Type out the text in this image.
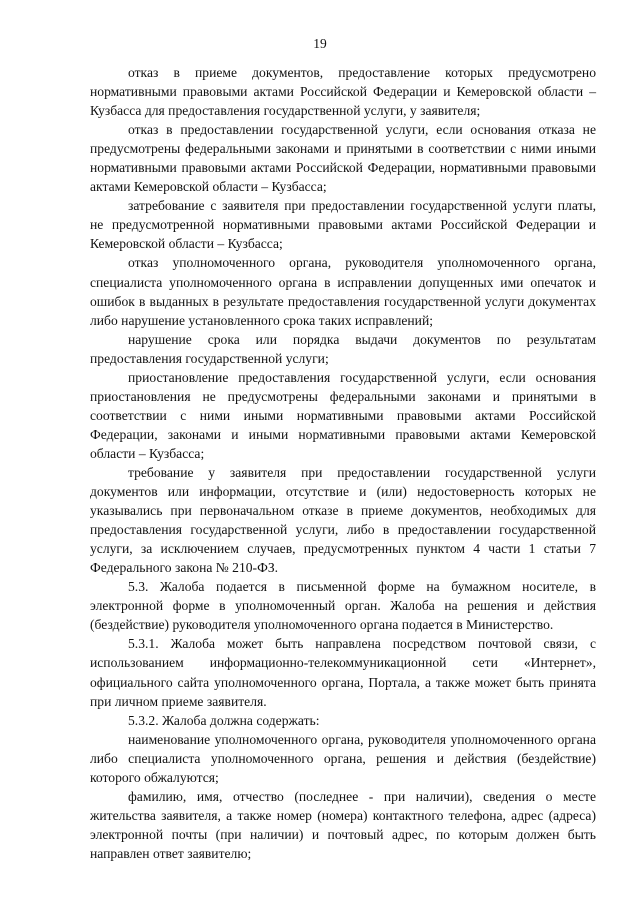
19

отказ в приеме документов, предоставление которых предусмотрено нормативными правовыми актами Российской Федерации и Кемеровской области – Кузбасса для предоставления государственной услуги, у заявителя;

отказ в предоставлении государственной услуги, если основания отказа не предусмотрены федеральными законами и принятыми в соответствии с ними иными нормативными правовыми актами Российской Федерации, нормативными правовыми актами Кемеровской области – Кузбасса;

затребование с заявителя при предоставлении государственной услуги платы, не предусмотренной нормативными правовыми актами Российской Федерации и Кемеровской области – Кузбасса;

отказ уполномоченного органа, руководителя уполномоченного органа, специалиста уполномоченного органа в исправлении допущенных ими опечаток и ошибок в выданных в результате предоставления государственной услуги документах либо нарушение установленного срока таких исправлений;

нарушение срока или порядка выдачи документов по результатам предоставления государственной услуги;

приостановление предоставления государственной услуги, если основания приостановления не предусмотрены федеральными законами и принятыми в соответствии с ними иными нормативными правовыми актами Российской Федерации, законами и иными нормативными правовыми актами Кемеровской области – Кузбасса;

требование у заявителя при предоставлении государственной услуги документов или информации, отсутствие и (или) недостоверность которых не указывались при первоначальном отказе в приеме документов, необходимых для предоставления государственной услуги, либо в предоставлении государственной услуги, за исключением случаев, предусмотренных пунктом 4 части 1 статьи 7 Федерального закона № 210-ФЗ.

5.3. Жалоба подается в письменной форме на бумажном носителе, в электронной форме в уполномоченный орган. Жалоба на решения и действия (бездействие) руководителя уполномоченного органа подается в Министерство.

5.3.1. Жалоба может быть направлена посредством почтовой связи, с использованием информационно-телекоммуникационной сети «Интернет», официального сайта уполномоченного органа, Портала, а также может быть принята при личном приеме заявителя.

5.3.2. Жалоба должна содержать:

наименование уполномоченного органа, руководителя уполномоченного органа либо специалиста уполномоченного органа, решения и действия (бездействие) которого обжалуются;

фамилию, имя, отчество (последнее - при наличии), сведения о месте жительства заявителя, а также номер (номера) контактного телефона, адрес (адреса) электронной почты (при наличии) и почтовый адрес, по которым должен быть направлен ответ заявителю;
